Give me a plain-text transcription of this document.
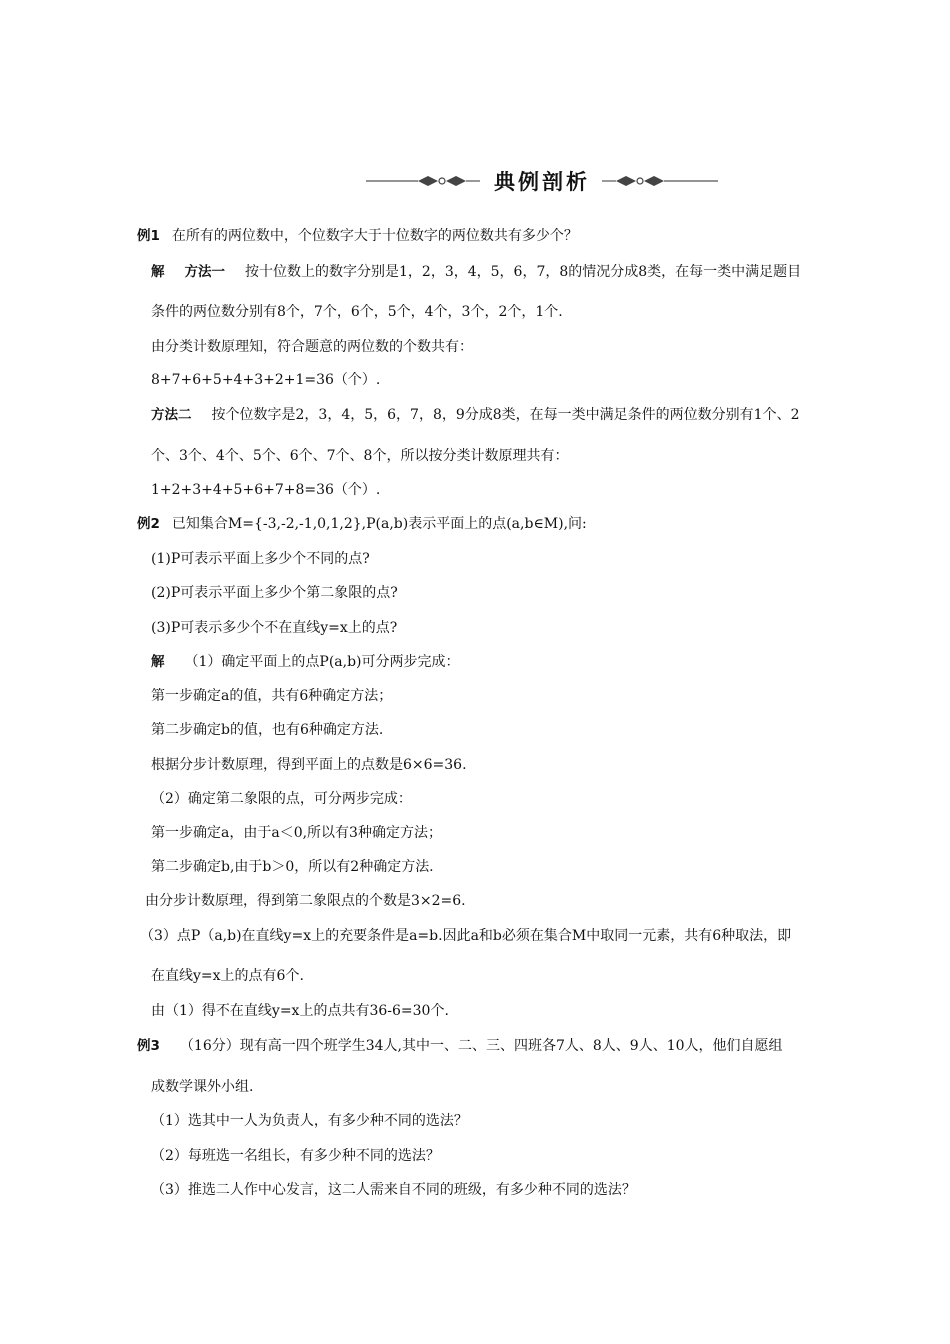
典例剖析
例1 在所有的两位数中，个位数字大于十位数字的两位数共有多少个？
解 方法一 按十位数上的数字分别是1，2，3，4，5，6，7，8的情况分成8类，在每一类中满足题目
条件的两位数分别有8个，7个，6个，5个，4个，3个，2个，1个.
由分类计数原理知，符合题意的两位数的个数共有：
8+7+6+5+4+3+2+1=36（个）.
方法二 按个位数字是2，3，4，5，6，7，8，9分成8类，在每一类中满足条件的两位数分别有1个、2
个、3个、4个、5个、6个、7个、8个，所以按分类计数原理共有：
1+2+3+4+5+6+7+8=36（个）.
例2 已知集合M={-3,-2,-1,0,1,2},P(a,b)表示平面上的点(a,b∈M),问:
(1)P可表示平面上多少个不同的点?
(2)P可表示平面上多少个第二象限的点?
(3)P可表示多少个不在直线y=x上的点?
解 （1）确定平面上的点P(a,b)可分两步完成：
第一步确定a的值，共有6种确定方法；
第二步确定b的值，也有6种确定方法.
根据分步计数原理，得到平面上的点数是6×6=36.
（2）确定第二象限的点，可分两步完成：
第一步确定a，由于a＜0,所以有3种确定方法；
第二步确定b,由于b＞0，所以有2种确定方法.
由分步计数原理，得到第二象限点的个数是3×2=6.
（3）点P（a,b)在直线y=x上的充要条件是a=b.因此a和b必须在集合M中取同一元素，共有6种取法，即
在直线y=x上的点有6个.
由（1）得不在直线y=x上的点共有36-6=30个.
例3 （16分）现有高一四个班学生34人,其中一、二、三、四班各7人、8人、9人、10人，他们自愿组
成数学课外小组.
（1）选其中一人为负责人，有多少种不同的选法？
（2）每班选一名组长，有多少种不同的选法？
（3）推选二人作中心发言，这二人需来自不同的班级，有多少种不同的选法？
